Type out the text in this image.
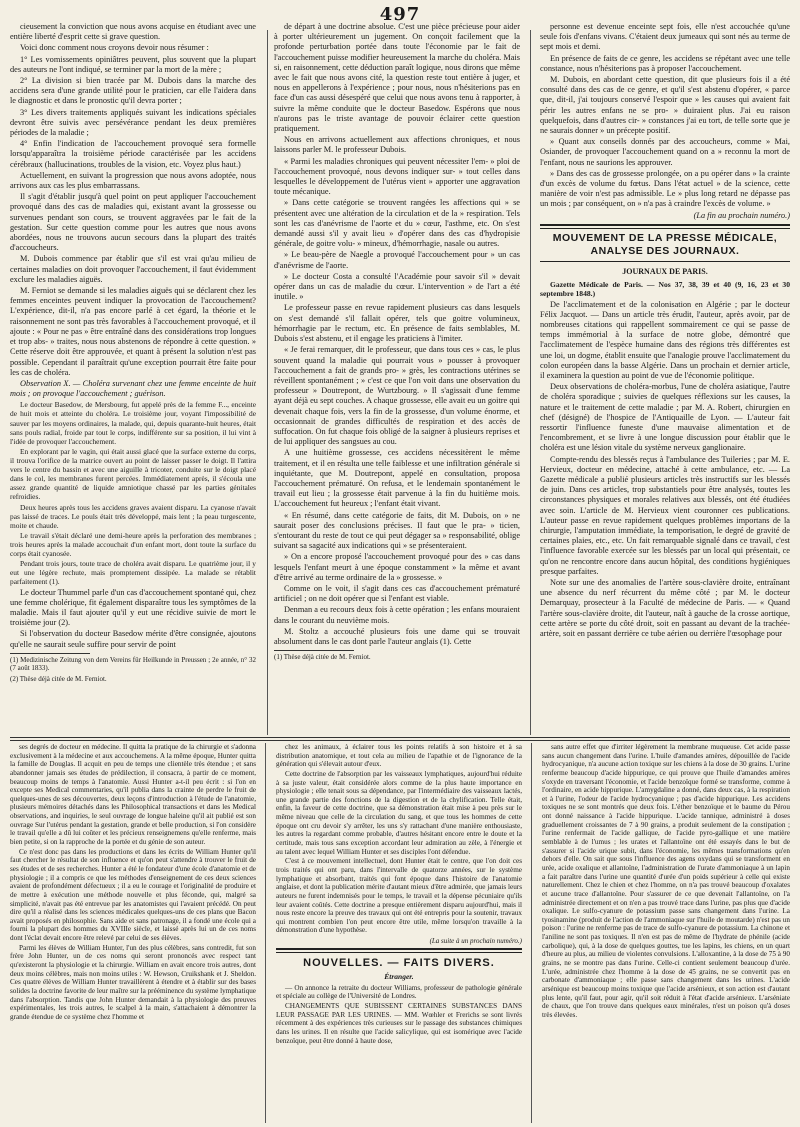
497

cieusement la conviction que nous avons acquise en étudiant avec une entière liberté d'esprit cette si grave question.

Voici donc comment nous croyons devoir nous résumer :

1° Les vomissements opiniâtres peuvent, plus souvent que la plupart des auteurs ne l'ont indiqué, se terminer par la mort de la mère ;

2° La division si bien tracée par M. Dubois dans la marche des accidens sera d'une grande utilité pour le praticien, car elle l'aidera dans le diagnostic et dans le pronostic qu'il devra porter ;

3° Les divers traitements appliqués suivant les indications spéciales devront être suivis avec persévérance pendant les deux premières périodes de la maladie ;

4° Enfin l'indication de l'accouchement provoqué sera formelle lorsqu'apparaîtra la troisième période caractérisée par les accidens cérébraux (hallucinations, troubles de la vision, etc. Voyez plus haut.)

Actuellement, en suivant la progression que nous avons adoptée, nous arrivons aux cas les plus embarrassans.

Il s'agit d'établir jusqu'à quel point on peut appliquer l'accouchement provoqué dans des cas de maladies qui, existant avant la grossesse ou survenues pendant son cours, se trouvent aggravées par le fait de la gestation. Sur cette question comme pour les autres que nous avons abordées, nous ne trouvons aucun secours dans la plupart des traités d'accoucheurs.

M. Dubois commence par établir que s'il est vrai qu'au milieu de certaines maladies on doit provoquer l'accouchement, il faut évidemment exclure les maladies aiguës.

M. Ferniot se demande si les maladies aiguës qui se déclarent chez les femmes enceintes peuvent indiquer la provocation de l'accouchement? L'expérience, dit-il, n'a pas encore parlé à cet égard, la théorie et le raisonnement ne sont pas très favorables à l'accouchement provoqué, et il ajoute : « Pour ne pas » être entraîné dans des considérations trop longues et trop abs- » traites, nous nous abstenons de répondre à cette question. » Cette réserve doit être approuvée, et quant à présent la solution n'est pas possible. Cependant il paraîtrait qu'une exception pourrait être faite pour les cas de choléra.

Observation X. — Choléra survenant chez une femme enceinte de huit mois ; on provoque l'accouchement ; guérison.

Le docteur Basedow, de Mersbourg, fut appelé près de la femme F..., enceinte de huit mois et atteinte du choléra. Le troisième jour, voyant l'impossibilité de sauver par les moyens ordinaires, la malade, qui, depuis quarante-huit heures, était sans pouls radial, froide par tout le corps, indifférente sur sa position, il lui vint à l'idée de provoquer l'accouchement.

En explorant par le vagin, qui était aussi glacé que la surface externe du corps, il trouva l'orifice de la matrice ouvert au point de laisser passer le doigt. Il l'attira vers le centre du bassin et avec une aiguille à tricoter, conduite sur le doigt placé dans le col, les membranes furent percées. Immédiatement après, il s'écoula une assez grande quantité de liquide amniotique chassé par les parties génitales refroidies.

Deux heures après tous les accidens graves avaient disparu. La cyanose n'avait pas laissé de traces. Le pouls était très développé, mais lent ; la peau turgescente, moite et chaude.

Le travail s'était déclaré une demi-heure après la perforation des membranes ; trois heures après la malade accouchait d'un enfant mort, dont toute la surface du corps était cyanosée.

Pendant trois jours, toute trace de choléra avait disparu. Le quatrième jour, il y eut une légère rechute, mais promptement dissipée. La malade se rétablit parfaitement (1).

Le docteur Thummel parle d'un cas d'accouchement spontané qui, chez une femme cholérique, fit également disparaître tous les symptômes de la maladie. Mais il faut ajouter qu'il y eut une récidive suivie de mort le troisième jour (2).

Si l'observation du docteur Basedow mérite d'être consignée, ajoutons qu'elle ne saurait seule suffire pour servir de point

(1) Medizinische Zeitung von dem Vereins für Heilkunde in Preussen ; 2e année, n° 32 (7 août 1833).
(2) Thèse déjà citée de M. Ferniot.

de départ à une doctrine absolue. C'est une pièce précieuse pour aider à porter ultérieurement un jugement. On conçoit facilement que la profonde perturbation portée dans toute l'économie par le fait de l'accouchement puisse modifier heureusement la marche du choléra. Mais si, en raisonnement, cette déduction paraît logique, nous dirons que même avec le fait que nous avons cité, la question reste tout entière à juger, et nous en appellerons à l'expérience ; pour nous, nous n'hésiterions pas en face d'un cas aussi désespéré que celui que nous avons tenu à rapporter, à suivre la même conduite que le docteur Basedow. Espérons que nous n'aurons pas le triste avantage de pouvoir éclairer cette question pratiquement.

Nous en arrivons actuellement aux affections chroniques, et nous laissons parler M. le professeur Dubois.

« Parmi les maladies chroniques qui peuvent nécessiter l'em- » ploi de l'accouchement provoqué, nous devons indiquer sur- » tout celles dans lesquelles le développement de l'utérus vient » apporter une aggravation toute mécanique.

» Dans cette catégorie se trouvent rangées les affections qui » se présentent avec une altération de la circulation et de la » respiration. Tels sont les cas d'anévrisme de l'aorte et du » cœur, l'asthme, etc. On s'est demandé aussi s'il y avait lieu » d'opérer dans des cas d'hydropisie générale, de goitre volu- » mineux, d'hémorrhagie, nasale ou autres.

» Le beau-père de Naegle a provoqué l'accouchement pour » un cas d'anévrisme de l'aorte.

» Le docteur Costa a consulté l'Académie pour savoir s'il » devait opérer dans un cas de maladie du cœur. L'intervention » de l'art a été inutile. »

Le professeur passe en revue rapidement plusieurs cas dans lesquels on s'est demandé s'il fallait opérer, tels que goitre volumineux, hémorrhagie par le rectum, etc. En présence de faits semblables, M. Dubois s'est abstenu, et il engage les praticiens à l'imiter.

« Je ferai remarquer, dit le professeur, que dans tous ces » cas, le plus souvent quand la maladie qui pourrait vous » pousser à provoquer l'accouchement a fait de grands pro- » grès, les contractions utérines se réveillent spontanément ; » c'est ce que l'on voit dans une observation du professeur » Doutrepont, de Wurtzbourg. » Il s'agissait d'une femme ayant déjà eu sept couches. A chaque grossesse, elle avait eu un goitre qui devenait chaque fois, vers la fin de la grossesse, d'un volume énorme, et occasionnait de grandes difficultés de respiration et des accès de suffocation. On fut chaque fois obligé de la saigner à plusieurs reprises et de lui appliquer des sangsues au cou.

A une huitième grossesse, ces accidens nécessitèrent le même traitement, et il en résulta une telle faiblesse et une infiltration générale si inquiétante, que M. Doutrepont, appelé en consultation, proposa l'accouchement prématuré. On refusa, et le lendemain spontanément le travail eut lieu ; la grossesse était parvenue à la fin du huitième mois. L'accouchement fut heureux ; l'enfant était vivant.

« En résumé, dans cette catégorie de faits, dit M. Dubois, on » ne saurait poser des conclusions précises. Il faut que le pra- » ticien, s'entourant du reste de tout ce qui peut dégager sa » responsabilité, oblige suivant sa sagacité aux indications qui » se présenteraient.

» On a encore proposé l'accouchement provoqué pour des » cas dans lesquels l'enfant meurt à une époque constamment » la même et avant d'être arrivé au terme ordinaire de la » grossesse. »

Comme on le voit, il s'agit dans ces cas d'accouchement prématuré artificiel ; on ne doit opérer que si l'enfant est viable.

Denman a eu recours deux fois à cette opération ; les enfans mouraient dans le courant du neuvième mois.

M. Stoltz a accouché plusieurs fois une dame qui se trouvait absolument dans le cas dont parle l'auteur anglais (1). Cette

(1) Thèse déjà citée de M. Ferniot.

personne est devenue enceinte sept fois, elle n'est accouchée qu'une seule fois d'enfans vivans. C'étaient deux jumeaux qui sont nés au terme de sept mois et demi.

En présence de faits de ce genre, les accidens se répétant avec une telle constance, nous n'hésiterions pas à proposer l'accouchement.

M. Dubois, en abordant cette question, dit que plusieurs fois il a été consulté dans des cas de ce genre, et qu'il s'est abstenu d'opérer, « parce que, dit-il, j'ai toujours conservé l'espoir que » les causes qui avaient fait périr les autres enfans ne se pro- » duiraient plus. J'ai eu raison quelquefois, dans d'autres cir- » constances j'ai eu tort, de telle sorte que je ne saurais donner » un précepte positif.

» Quant aux conseils donnés par des accoucheurs, comme » Mai, Osiander, de provoquer l'accouchement quand on a » reconnu la mort de l'enfant, nous ne saurions les approuver.

» Dans des cas de grossesse prolongée, on a pu opérer dans » la crainte d'un excès de volume du fœtus. Dans l'état actuel » de la science, cette manière de voir n'est pas admissible. Le » plus long retard ne dépasse pas un mois ; par conséquent, on » n'a pas à craindre l'excès de volume. »

(La fin au prochain numéro.)

MOUVEMENT DE LA PRESSE MÉDICALE, ANALYSE DES JOURNAUX.
JOURNAUX DE PARIS.

Gazette Médicale de Paris. — Nos 37, 38, 39 et 40 (9, 16, 23 et 30 septembre 1848.)

De l'acclimatement et de la colonisation en Algérie ; par le docteur Félix Jacquot. — Dans un article très érudit, l'auteur, après avoir, par de nombreuses citations qui rappellent sommairement ce qui se passe de temps immémorial à la surface de notre globe, démontré que l'acclimatement de l'espèce humaine dans des régions très différentes est une loi, un dogme, établit ensuite que l'analogie prouve l'acclimatement du colon européen dans la basse Algérie. Dans un prochain et dernier article, il examinera la question au point de vue de l'économie politique.

Deux observations de choléra-morbus, l'une de choléra asiatique, l'autre de choléra sporadique ; suivies de quelques réflexions sur les causes, la nature et le traitement de cette maladie ; par M. A. Robert, chirurgien en chef (désigné) de l'hospice de l'Antiquaille de Lyon. — L'auteur fait ressortir l'influence funeste d'une mauvaise alimentation et de l'encombrement, et se livre à une longue discussion pour établir que le choléra est une lésion vitale du système nerveux ganglionaire.

Compte-rendu des blessés reçus à l'ambulance des Tuileries ; par M. E. Hervieux, docteur en médecine, attaché à cette ambulance, etc. — La Gazette médicale a publié plusieurs articles très instructifs sur les blessés de juin. Dans ces articles, trop substantiels pour être analysés, toutes les circonstances physiques et morales relatives aux blessés, ont été étudiées avec soin. L'article de M. Hervieux vient couronner ces publications. L'auteur passe en revue rapidement quelques problèmes importans de la chirurgie, l'amputation immédiate, la temporisation, le degré de gravité de certaines plaies, etc., etc. Un fait remarquable signalé dans ce travail, c'est l'influence favorable exercée sur les blessés par un local qui présentait, ce qu'on ne rencontre encore dans aucun hôpital, des conditions hygiéniques presque parfaites.

Note sur une des anomalies de l'artère sous-clavière droite, entraînant une absence du nerf récurrent du même côté ; par M. le docteur Demarquay, prosecteur à la Faculté de médecine de Paris. — « Quand l'artère sous-clavière droite, dit l'auteur, naît à gauche de la crosse aortique, cette artère se porte du côté droit, soit en passant au devant de la trachée-artère, soit en passant derrière ce tube aérien ou derrière l'œsophage pour

ses degrés de docteur en médecine. Il quitta la pratique de la chirurgie et s'adonna exclusivement à la médecine et aux accouchemens. A la même époque, Hunter quitta la famille de Douglas. Il acquit en peu de temps une clientèle très étendue ; et sans abandonner jamais ses études de prédilection, il consacra, à partir de ce moment, beaucoup moins de temps à l'anatomie. Aussi Hunter a-t-il peu écrit : si l'on en excepte ses Medical commentaries, qu'il publia dans la crainte de perdre le fruit de quelques-unes de ses découvertes, deux leçons d'introduction à l'étude de l'anatomie, plusieurs mémoires détachés dans les Philosophical transactions et dans les Medical observations, and inquiries, le seul ouvrage de longue haleine qu'il ait publié est son ouvrage Sur l'utérus pendant la gestation, grande et belle production, si l'on considère le travail qu'elle a dû lui coûter et les précieux renseignemens qu'elle renferme, mais bien petite, si on la rapproche de la portée et du génie de son auteur.

Ce n'est donc pas dans les productions et dans les écrits de William Hunter qu'il faut chercher le résultat de son influence et qu'on peut s'attendre à trouver le fruit de ses études et de ses recherches. Hunter a été le fondateur d'une école d'anatomie et de physiologie ; il a compris ce que les méthodes d'enseignement de ces deux sciences avaient de profondément défectueux ; il a eu le courage et l'originalité de produire et de mettre à exécution une méthode nouvelle et plus féconde, qui, malgré sa simplicité, n'avait pas été entrevue par les anatomistes qui l'avaient précédé. On peut dire qu'il a réalisé dans les sciences médicales quelques-uns de ces plans que Bacon avait proposés en philosophie. Sans aide et sans patronage, il a fondé une école qui a fourni la plupart des hommes du XVIIIe siècle, et laissé après lui un de ces noms dont l'éclat devait encore être relevé par celui de ses élèves.

Parmi les élèves de William Hunter, l'un des plus célèbres, sans contredit, fut son frère John Hunter, un de ces noms qui seront prononcés avec respect tant qu'existeront la physiologie et la chirurgie. William en avait encore trois autres, dont deux moins célèbres, mais non moins utiles : W. Hewson, Cruikshank et J. Sheldon. Ces quatre élèves de William Hunter travaillèrent à étendre et à établir sur des bases solides la doctrine favorite de leur maître sur la prééminence du système lymphatique dans l'absorption. Tandis que John Hunter demandait à la physiologie des preuves expérimentales, les trois autres, le scalpel à la main, s'attachaient à démontrer la grande étendue de ce système chez l'homme et

chez les animaux, à éclairer tous les points relatifs à son histoire et à sa distribution anatomique, et tout cela au milieu de l'apathie et de l'ignorance de la génération qui s'élevait autour d'eux.

Cette doctrine de l'absorption par les vaisseaux lymphatiques, aujourd'hui réduite à sa juste valeur, était considérée alors comme de la plus haute importance en physiologie ; elle tenait sous sa dépendance, par l'intermédiaire des vaisseaux lactés, une grande partie des fonctions de la digestion et de la chylification. Telle était, enfin, la faveur de cette doctrine, que sa démonstration était mise à peu près sur le même niveau que celle de la circulation du sang, et que tous les hommes de cette époque ont cru devoir s'y arrêter, les uns s'y rattachant d'une manière enthousiaste, les autres la regardant comme probable, d'autres hésitant encore entre le doute et la certitude, mais tous sans exception accordant leur admiration au zèle, à l'énergie et au talent avec lequel William Hunter et ses disciples l'ont défendue.

C'est à ce mouvement intellectuel, dont Hunter était le centre, que l'on doit ces trois traités qui ont paru, dans l'intervalle de quatorze années, sur le système lymphatique et absorbant, traités qui font époque dans l'histoire de l'anatomie anglaise, et dont la publication mérite d'autant mieux d'être admirée, que jamais leurs auteurs ne furent indemnisés pour le temps, le travail et la dépense pécuniaire qu'ils leur avaient coûtés. Cette doctrine a presque entièrement disparu aujourd'hui, mais il nous reste encore la preuve des travaux qui ont été entrepris pour la soutenir, travaux qui montrent combien l'on peut encore être utile, même lorsqu'on travaille à la démonstration d'une hypothèse.

(La suite à un prochain numéro.)
NOUVELLES. — FAITS DIVERS.
Étranger.

— On annonce la retraite du docteur Williams, professeur de pathologie générale et spéciale au collège de l'Université de Londres.

CHANGEMENTS QUE SUBISSENT CERTAINES SUBSTANCES DANS LEUR PASSAGE PAR LES URINES. — MM. Wœhler et Frerichs se sont livrés récemment à des expériences très curieuses sur le passage des substances chimiques dans les urines. Il en résulte que l'acide salicylique, qui est isomérique avec l'acide benzoïque, peut être donné à haute dose,

sans autre effet que d'irriter légèrement la membrane muqueuse. Cet acide passe sans aucun changement dans l'urine. L'huile d'amandes amères, dépouillée de l'acide hydrocyanique, n'a aucune action toxique sur les chiens à la dose de 30 grains. L'urine renferme beaucoup d'acide hippurique, ce qui prouve que l'huile d'amandes amères s'oxyde en traversant l'économie, et l'acide benzoïque formé se transforme, comme à l'ordinaire, en acide hippurique. L'amygdaline a donné, dans deux cas, à la respiration et à l'urine, l'odeur de l'acide hydrocyanique ; pas d'acide hippurique. Les accidens toxiques ne se sont montrés que deux fois. L'éther benzoïque et le baume du Pérou ont donné naissance à l'acide hippurique. L'acide tannique, administré à doses graduellement croissantes de 7 à 90 grains, a produit seulement de la constipation ; l'urine renfermait de l'acide gallique, de l'acide pyro-gallique et une matière semblable à de l'umus ; les urates et l'allantoïne ont été essayés dans le but de s'assurer si l'acide urique subit, dans l'économie, les mêmes transformations qu'en dehors d'elle. On sait que sous l'influence des agens oxydans qui se transforment en urée, acide oxalique et allantoïne, l'administration de l'urate d'ammoniaque à un lapin a fait paraître dans l'urine une quantité d'urée d'un poids supérieur à celle qui existe naturellement. Chez le chien et chez l'homme, on n'a pas trouvé beaucoup d'oxalates et aucune trace d'allantoïne. Pour s'assurer de ce que devenait l'allantoïne, on l'a administrée directement et on n'en a pas trouvé trace dans l'urine, pas plus que d'acide oxalique. Le sulfo-cyanure de potassium passe sans changement dans l'urine. La tyosinamine (produit de l'action de l'ammoniaque sur l'huile de moutarde) n'est pas un poison : l'urine ne renferme pas de trace de sulfo-cyanure de potassium. La chinone et l'aniline ne sont pas toxiques. Il n'en est pas de même de l'hydrate de phénile (acide carbolique), qui, à la dose de quelques gouttes, tue les lapins, les chiens, en un quart d'heure au plus, au milieu de violentes convulsions. L'alloxantine, à la dose de 75 à 90 grains, ne se montre pas dans l'urine. Celle-ci contient seulement beaucoup d'urée. L'urée, administrée chez l'homme à la dose de 45 grains, ne se convertit pas en carbonate d'ammoniaque ; elle passe sans changement dans les urines. L'acide arsénique est beaucoup moins toxique que l'acide arsénieux, et son action est d'autant plus lente, qu'il faut, pour agir, qu'il soit réduit à l'état d'acide arsénieux. L'arséniate de chaux, que l'on trouve dans quelques eaux minérales, n'est un poison qu'à doses très élevées.
